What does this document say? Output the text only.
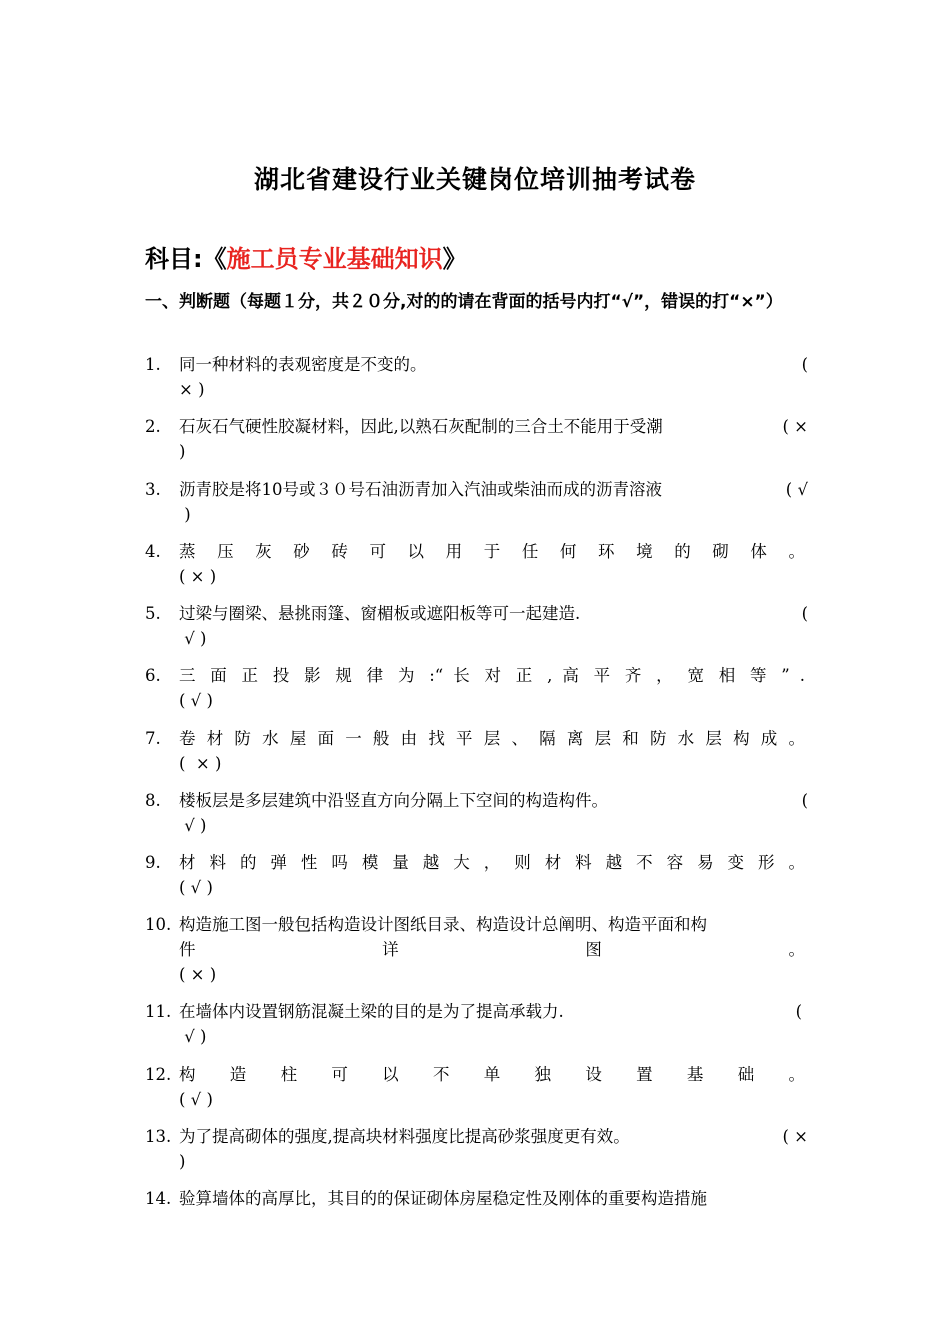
湖北省建设行业关键岗位培训抽考试卷
科目:《施工员专业基础知识》
一、判断题（每题１分，共２０分,对的的请在背面的括号内打“√”，错误的打“×”）
1. 同一种材料的表观密度是不变的。	(
× )
2. 石灰石气硬性胶凝材料，因此,以熟石灰配制的三合土不能用于受潮	( ×
)
3. 沥青胶是将10号或３０号石油沥青加入汽油或柴油而成的沥青溶液	( √
)
4. 蒸 压 灰 砂 砖 可 以 用 于 任 何 环 境 的 砌 体 。
( × )
5. 过梁与圈梁、悬挑雨篷、窗楣板或遮阳板等可一起建造.	(
√ )
6. 三 面 正 投 影 规 律 为 :“ 长 对 正 , 高 平 齐 ， 宽 相 等 ” .
( √ )
7. 卷 材 防 水 屋 面 一 般 由 找 平 层 、 隔 离 层 和 防 水 层 构 成 。
(  × )
8. 楼板层是多层建筑中沿竖直方向分隔上下空间的构造构件。	(
√ )
9. 材 料 的 弹 性 吗 模 量 越 大 ， 则 材 料 越 不 容 易 变 形 。
( √ )
10. 构造施工图一般包括构造设计图纸目录、构造设计总阐明、构造平面和构
件                    详                    图                    。
( × )
11. 在墙体内设置钢筋混凝土梁的目的是为了提高承载力.	(
√ )
12. 构 造 柱 可 以 不 单 独 设 置 基 础 。
( √ )
13. 为了提高砌体的强度,提高块材料强度比提高砂浆强度更有效。	( ×
)
14. 验算墙体的高厚比，其目的的保证砌体房屋稳定性及刚体的重要构造措施
